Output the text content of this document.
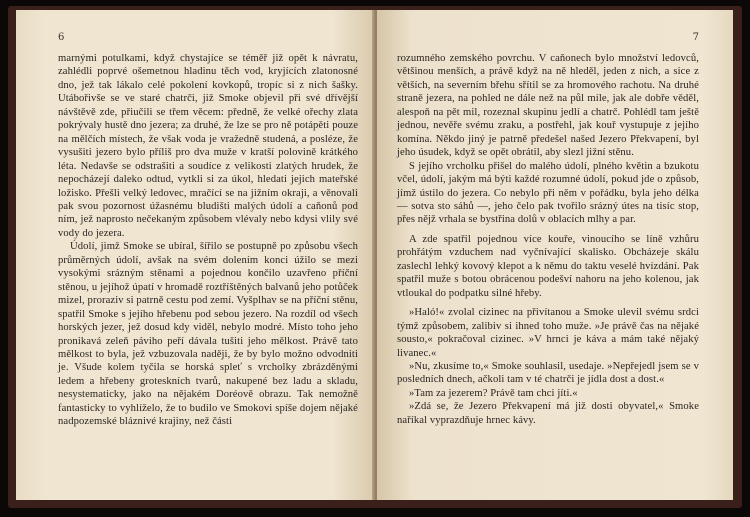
6

marnými potulkami, když chystajíce se téměř již opět k návratu, zahlédli poprvé ošemetnou hladinu těch vod, kryjících zlatonosné dno, jež tak lákalo celé pokolení kovkopů, tropíc si z nich šašky. Utábořivše se ve staré chatrči, již Smoke objevil při své dřívější návštěvě zde, přiučili se třem věcem: předně, že velké ořechy zlata pokrývaly hustě dno jezera; za druhé, že lze se pro ně potápěti pouze na mělčích místech, že však voda je vražedně studená, a posléze, že vysušiti jezero bylo příliš pro dva muže v kratší polovině krátkého léta. Nedavše se odstrašiti a soudíce z velikosti zlatých hrudek, že nepocházejí daleko odtud, vytkli si za úkol, hledati jejich mateřské ložisko. Přešli velký ledovec, mračící se na jižním okraji, a věnovali pak svou pozornost úžasnému bludišti malých údolí a caňonů pod ním, jež naprosto nečekaným způsobem vlévaly nebo kdysi vlily své vody do jezera.

Údolí, jimž Smoke se ubíral, šířilo se postupně po způsobu všech průměrných údolí, avšak na svém dolením konci úžilo se mezi vysokými srázným stěnami a pojednou končilo uzavřeno příční stěnou, u jejíhož úpatí v hromadě roztříštěných balvanů jeho potůček mizel, proraziv si patrně cestu pod zemí. Vyšplhav se na příční stěnu, spatřil Smoke s jejího hřebenu pod sebou jezero. Na rozdíl od všech horských jezer, jež dosud kdy viděl, nebylo modré. Místo toho jeho pronikavá zeleň páviho peří dávala tušiti jeho mělkost. Právě tato mělkost to byla, jež vzbuzovala naději, že by bylo možno odvodniti je. Všude kolem tyčila se horská spleť s vrcholky zbrázděnými ledem a hřebeny groteskních tvarů, nakupené bez ladu a skladu, nesystematicky, jako na nějakém Doréově obrazu. Tak nemožně fantasticky to vyhlíželo, že to budilo ve Smokovi spíše dojem nějaké nadpozemské bláznivé krajiny, než části

7

rozumného zemského povrchu. V caňonech bylo množství ledovců, většinou menších, a právě když na ně hleděl, jeden z nich, a sice z větších, na severním břehu sřítil se za hromového rachotu. Na druhé straně jezera, na pohled ne dále než na půl míle, jak ale dobře věděl, alespoň na pět mil, rozeznal skupinu jedlí a chatrč. Pohlédl tam ještě jednou, nevěře svému zraku, a postřehl, jak kouř vystupuje z jejího komína. Někdo jiný je patrně předešel našed Jezero Překvapení, byl jeho úsudek, když se opět obrátil, aby slezl jižní stěnu.

S jejího vrcholku přišel do malého údolí, plného květin a bzukotu včel, údolí, jakým má býti každé rozumné údolí, pokud jde o způsob, jímž ústilo do jezera. Co nebylo při něm v pořádku, byla jeho délka — sotva sto sáhů —, jeho čelo pak tvořilo srázný útes na tisíc stop, přes nějž vrhala se bystřina dolů v oblacích mlhy a par.

A zde spatřil pojednou více kouře, vinoucího se líně vzhůru prohřátým vzduchem nad vyčnívající skalisko. Obcházeje skálu zaslechl lehký kovový klepot a k němu do taktu veselé hvízdání. Pak spatřil muže s botou obrácenou podešví nahoru na jeho kolenou, jak vtloukal do podpatku silné hřeby.

»Haló!« zvolal cizinec na přivítanou a Smoke ulevil svému srdci týmž způsobem, zalibiv si ihned toho muže. »Je právě čas na nějaké sousto,« pokračoval cizinec. »V hrnci je káva a mám také nějaký livanec.«

»Nu, zkusíme to,« Smoke souhlasil, usedaje. »Nepřejedl jsem se v posledních dnech, ačkoli tam v té chatrči je jídla dost a dost.«

»Tam za jezerem? Právě tam chci jíti.«

»Zdá se, že Jezero Překvapení má již dosti obyvatel,« Smoke naříkal vyprazdňuje hrnec kávy.
